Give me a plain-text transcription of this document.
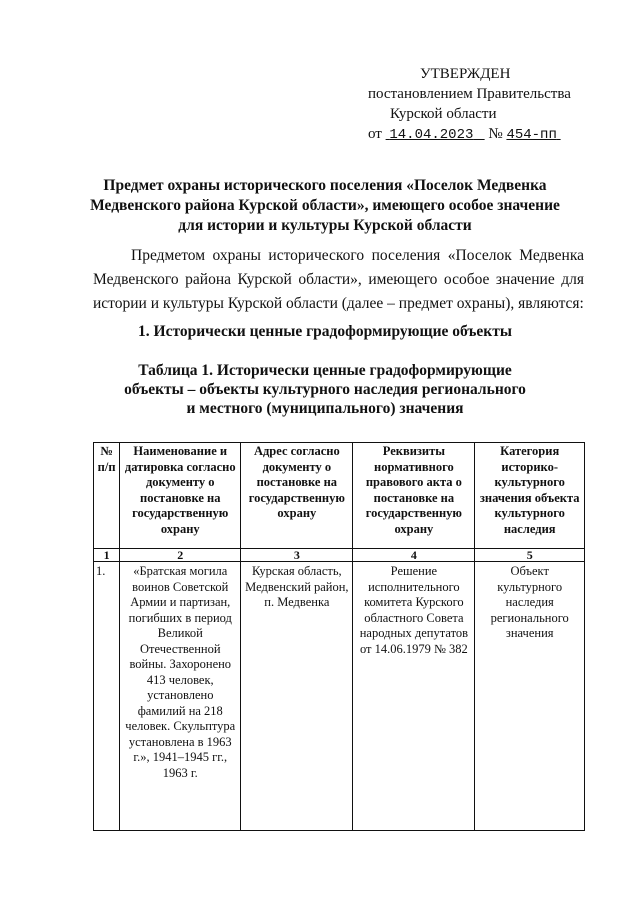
УТВЕРЖДЕН
постановлением Правительства
Курской области
от 14.04.2023 № 454-пп
Предмет охраны исторического поселения «Поселок Медвенка
Медвенского района Курской области», имеющего особое значение
для истории и культуры Курской области
Предметом охраны исторического поселения «Поселок Медвенка Медвенского района Курской области», имеющего особое значение для истории и культуры Курской области (далее – предмет охраны), являются:
1. Исторически ценные градоформирующие объекты
Таблица 1. Исторически ценные градоформирующие
объекты – объекты культурного наследия регионального
и местного (муниципального) значения
№ п/п	Наименование и датировка согласно документу о постановке на государственную охрану	Адрес согласно документу о постановке на государственную охрану	Реквизиты нормативного правового акта о постановке на государственную охрану	Категория историко-культурного значения объекта культурного наследия
1	2	3	4	5
1.	«Братская могила воинов Советской Армии и партизан, погибших в период Великой Отечественной войны. Захоронено 413 человек, установлено фамилий на 218 человек. Скульптура установлена в 1963 г.», 1941–1945 гг., 1963 г.	Курская область, Медвенский район, п. Медвенка	Решение исполнительного комитета Курского областного Совета народных депутатов от 14.06.1979 № 382	Объект культурного наследия регионального значения
